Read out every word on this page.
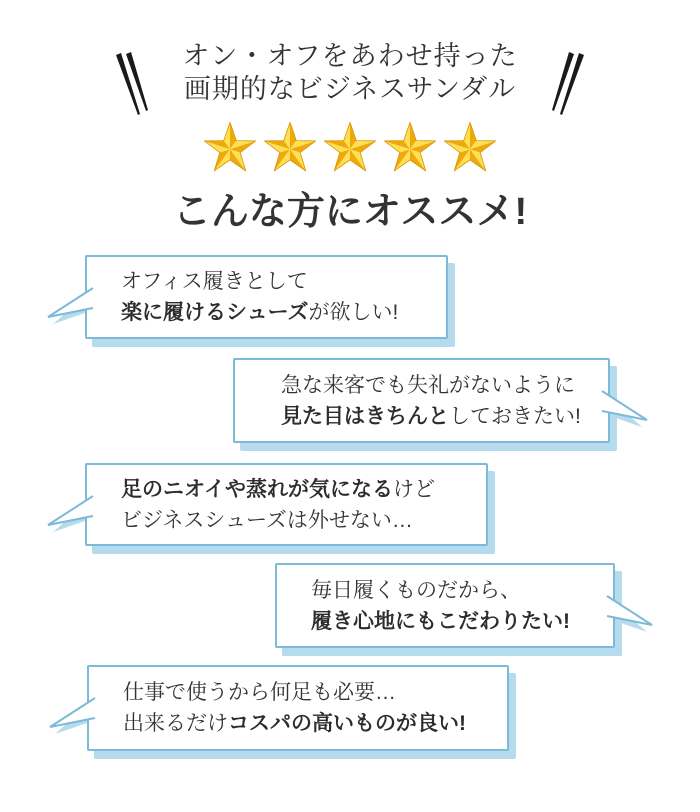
オン・オフをあわせ持った
画期的なビジネスサンダル
こんな方にオススメ!
オフィス履きとして
楽に履けるシューズが欲しい!
急な来客でも失礼がないように
見た目はきちんとしておきたい!
足のニオイや蒸れが気になるけど
ビジネスシューズは外せない…
毎日履くものだから、
履き心地にもこだわりたい!
仕事で使うから何足も必要…
出来るだけコスパの高いものが良い!
